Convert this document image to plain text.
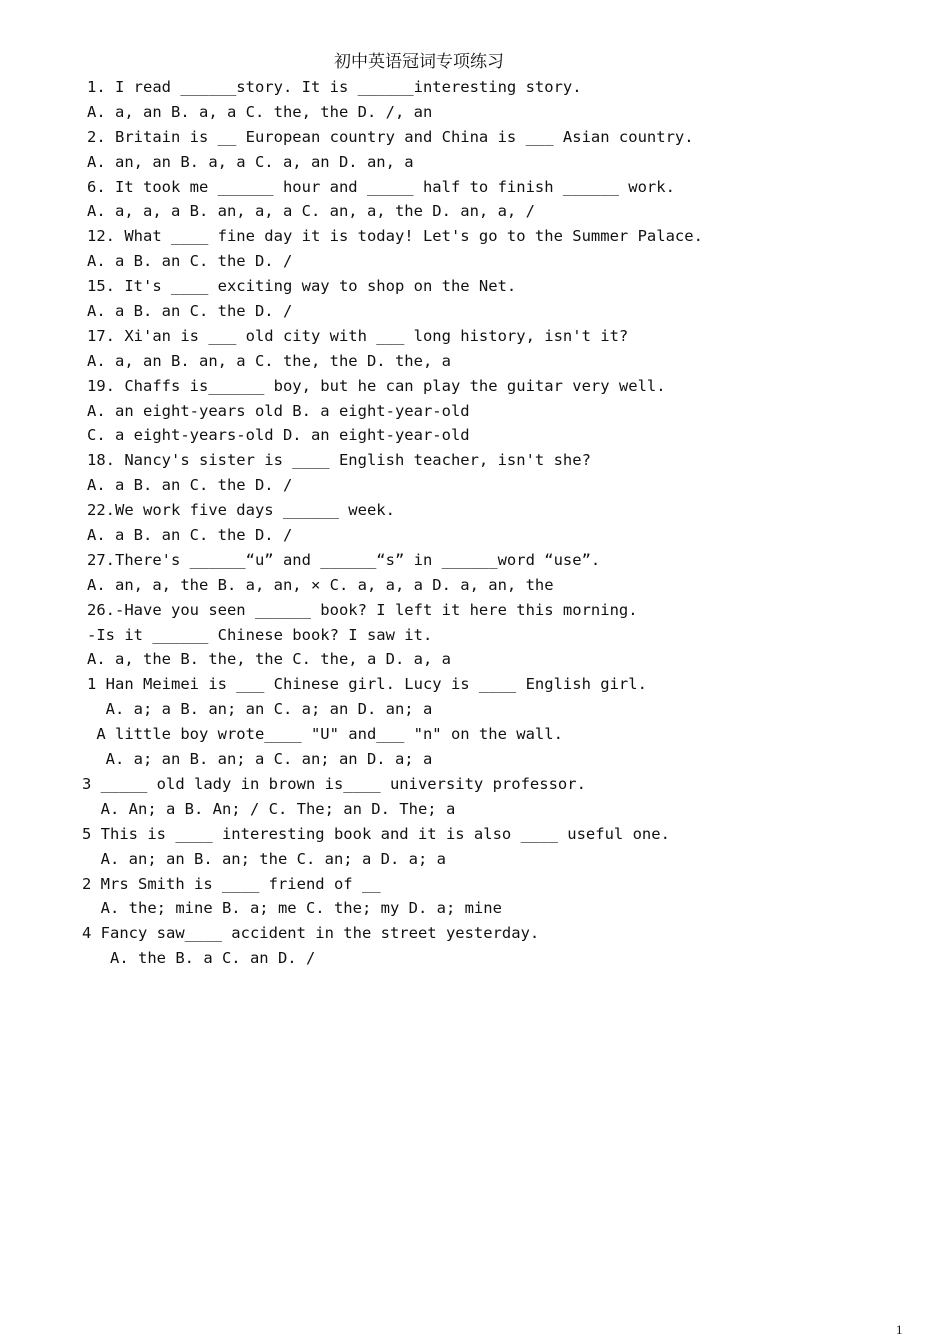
初中英语冠词专项练习
1. I read ______story. It is ______interesting story.
A. a, an B. a, a C. the, the D. /, an
2. Britain is __ European country and China is ___ Asian country.
A. an, an B. a, a C. a, an D. an, a
6. It took me ______ hour and _____ half to finish ______ work.
A. a, a, a B. an, a, a C. an, a, the D. an, a, /
12. What ____ fine day it is today! Let's go to the Summer Palace.
A. a B. an C. the D. /
15. It's ____ exciting way to shop on the Net.
A. a B. an C. the D. /
17. Xi'an is ___ old city with ___ long history, isn't it?
A. a, an B. an, a C. the, the D. the, a
19. Chaffs is______ boy, but he can play the guitar very well.
A. an eight-years old B. a eight-year-old
C. a eight-years-old D. an eight-year-old
18. Nancy's sister is ____ English teacher, isn't she?
A. a B. an C. the D. /
22.We work five days ______ week.
A. a B. an C. the D. /
27.There's ______“u” and ______“s” in ______word “use”.
A. an, a, the B. a, an, × C. a, a, a D. a, an, the
26.-Have you seen ______ book? I left it here this morning.
-Is it ______ Chinese book? I saw it.
A. a, the B. the, the C. the, a D. a, a
1 Han Meimei is ___ Chinese girl. Lucy is ____ English girl.
A. a; a B. an; an C. a; an D. an; a
A little boy wrote____ "U" and___ "n" on the wall.
A. a; an B. an; a C. an; an D. a; a
3 _____ old lady in brown is____ university professor.
A. An; a B. An; / C. The; an D. The; a
5 This is ____ interesting book and it is also ____ useful one.
A. an; an B. an; the C. an; a D. a; a
2 Mrs Smith is ____ friend of __
A. the; mine B. a; me C. the; my D. a; mine
4 Fancy saw____ accident in the street yesterday.
A. the B. a C. an D. /
1
